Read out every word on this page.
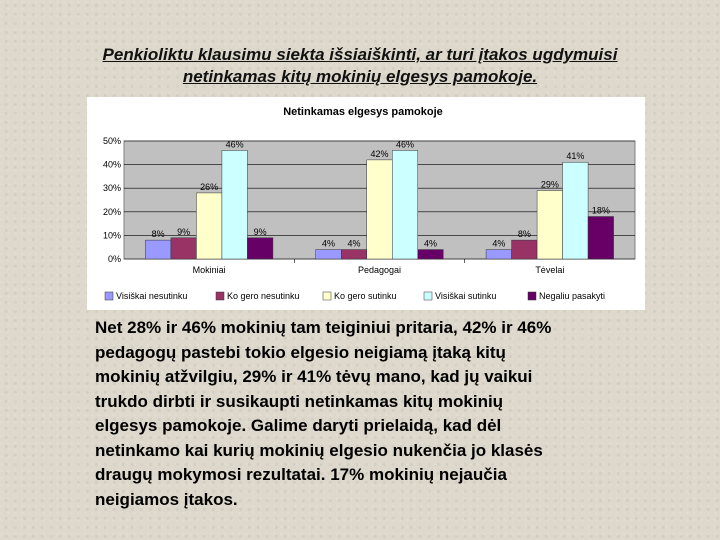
Penkioliktu klausimu siekta išsiaiškinti, ar turi įtakos ugdymuisi
netinkamas kitų mokinių elgesys pamokoje.
Netinkamas elgesys pamokoje
0%
10%
20%
30%
40%
50%
8% 9%
26%
46%
9%
Mokiniai
4% 4%
42%
46%
4%
Pedagogai
4%
8%
29%
41%
18%
Tėvelai
Visiškai nesutinku	Ko gero nesutinku	Ko gero sutinku	Visiškai sutinku	Negaliu pasakyti
Net 28% ir 46% mokinių tam teiginiui pritaria, 42% ir 46%
pedagogų pastebi tokio elgesio neigiamą įtaką kitų
mokinių atžvilgiu, 29% ir 41% tėvų mano, kad jų vaikui
trukdo dirbti ir susikaupti netinkamas kitų mokinių
elgesys pamokoje. Galime daryti prielaidą, kad dėl
netinkamo kai kurių mokinių elgesio nukenčia jo klasės
draugų mokymosi rezultatai. 17% mokinių nejaučia
neigiamos įtakos.
